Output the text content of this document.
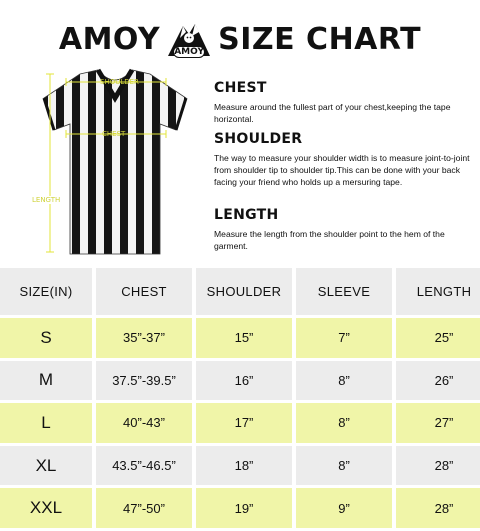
AMOY AMOY SIZE CHART
SHOULDER
CHEST
LENGTH
CHEST

Measure around the fullest part of your chest,keeping the tape horizontal.

SHOULDER

The way to measure your shoulder width is to measure joint-to-joint from shoulder tip to shoulder tip.This can be done with your back facing your friend who holds up a mersuring tape.

LENGTH

Measure the length from the shoulder point to the hem of the garment.

SIZE(IN)	CHEST	SHOULDER	SLEEVE	LENGTH
S	35”-37”	15”	7”	25”
M	37.5”-39.5”	16”	8”	26”
L	40”-43”	17”	8”	27”
XL	43.5”-46.5”	18”	8”	28”
XXL	47”-50”	19”	9”	28”
